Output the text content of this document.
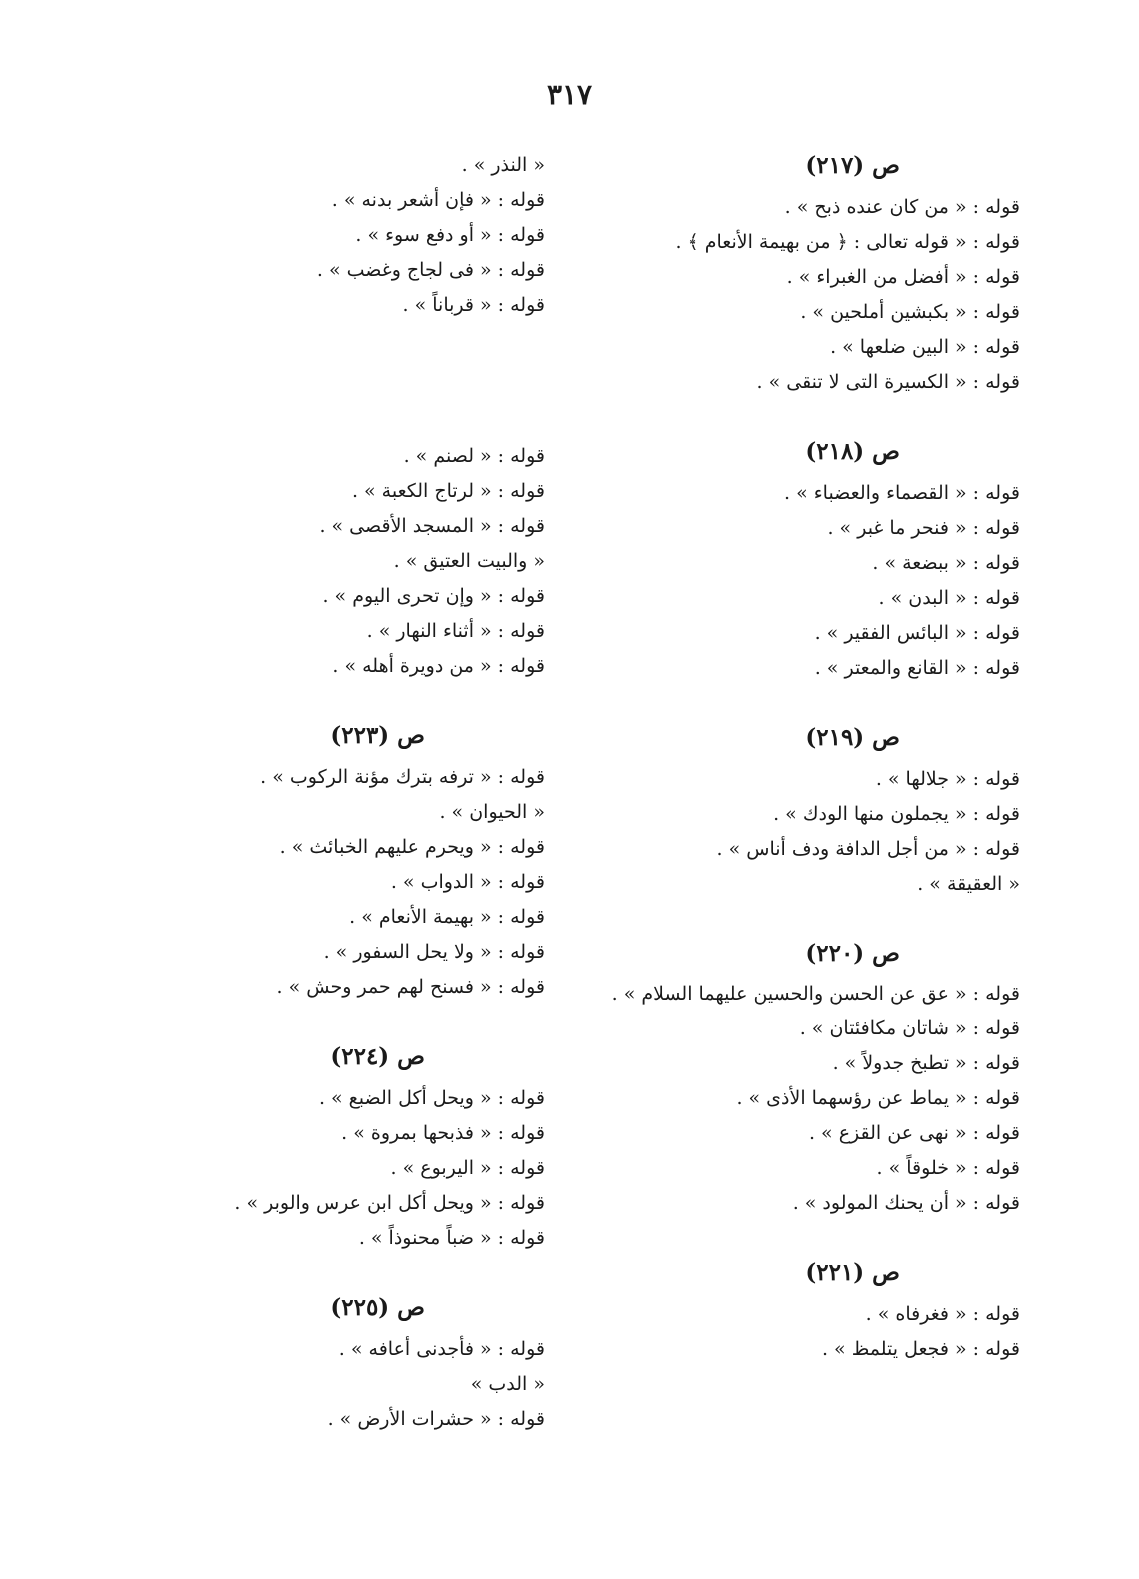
٣١٧
ص (٢١٧)
قوله : « من كان عنده ذبح » .
قوله : « قوله تعالى : ﴿ من بهيمة الأنعام ﴾ .
قوله : « أفضل من الغبراء » .
قوله : « بكبشين أملحين » .
قوله : « البين ضلعها » .
قوله : « الكسيرة التى لا تنقى » .
ص (٢١٨)
قوله : « القصماء والعضباء » .
قوله : « فنحر ما غبر » .
قوله : « ببضعة » .
قوله : « البدن » .
قوله : « البائس الفقير » .
قوله : « القانع والمعتر » .
ص (٢١٩)
قوله : « جلالها » .
قوله : « يجملون منها الودك » .
قوله : « من أجل الدافة ودف أناس » .
« العقيقة » .
ص (٢٢٠)
قوله : « عق عن الحسن والحسين عليهما السلام » .
قوله : « شاتان مكافئتان » .
قوله : « تطبخ جدولاً » .
قوله : « يماط عن رؤسهما الأذى » .
قوله : « نهى عن القزع » .
قوله : « خلوقاً » .
قوله : « أن يحنك المولود » .
ص (٢٢١)
قوله : « فغرفاه » .
قوله : « فجعل يتلمظ » .
« النذر » .
قوله : « فإن أشعر بدنه » .
قوله : « أو دفع سوء » .
قوله : « فى لجاج وغضب » .
قوله : « قرباناً » .
قوله : « لصنم » .
قوله : « لرتاج الكعبة » .
قوله : « المسجد الأقصى » .
« والبيت العتيق » .
قوله : « وإن تحرى اليوم » .
قوله : « أثناء النهار » .
قوله : « من دويرة أهله » .
ص (٢٢٣)
قوله : « ترفه بترك مؤنة الركوب » .
« الحيوان » .
قوله : « ويحرم عليهم الخبائث » .
قوله : « الدواب » .
قوله : « بهيمة الأنعام » .
قوله : « ولا يحل السفور » .
قوله : « فسنح لهم حمر وحش » .
ص (٢٢٤)
قوله : « ويحل أكل الضبع » .
قوله : « فذبحها بمروة » .
قوله : « اليربوع » .
قوله : « ويحل أكل ابن عرس والوبر » .
قوله : « ضباً محنوذاً » .
ص (٢٢٥)
قوله : « فأجدنى أعافه » .
« الدب »
قوله : « حشرات الأرض » .
